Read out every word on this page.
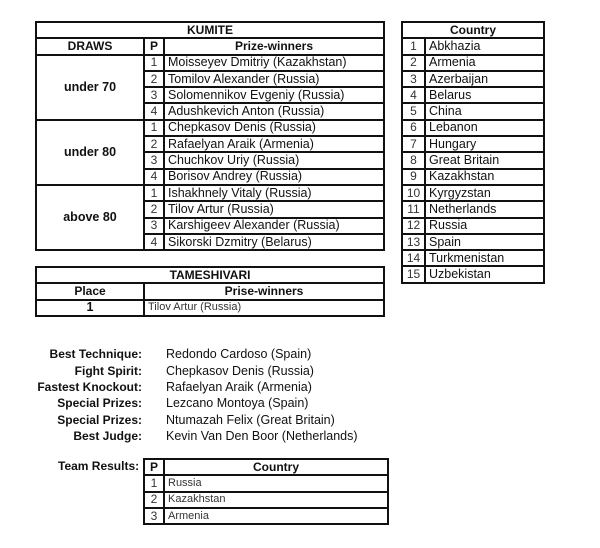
KUMITE		
DRAWS	P	Prize-winners
under 70	1	Moisseyev Dmitriy (Kazakhstan)
	2	Tomilov Alexander (Russia)
	3	Solomennikov Evgeniy (Russia)
	4	Adushkevich Anton (Russia)
under 80	1	Chepkasov Denis (Russia)
	2	Rafaelyan Araik (Armenia)
	3	Chuchkov Uriy (Russia)
	4	Borisov Andrey (Russia)
above 80	1	Ishakhnely Vitaly (Russia)
	2	Tilov Artur (Russia)
	3	Karshigeev Alexander (Russia)
	4	Sikorski Dzmitry (Belarus)
Country	
1	Abkhazia
2	Armenia
3	Azerbaijan
4	Belarus
5	China
6	Lebanon
7	Hungary
8	Great Britain
9	Kazakhstan
10	Kyrgyzstan
11	Netherlands
12	Russia
13	Spain
14	Turkmenistan
15	Uzbekistan
TAMESHIVARI	
Place	Prise-winners
1	Tilov Artur (Russia)
Best Technique: Redondo Cardoso (Spain)
Fight Spirit: Chepkasov Denis (Russia)
Fastest Knockout: Rafaelyan Araik (Armenia)
Special Prizes: Lezcano Montoya (Spain)
Special Prizes: Ntumazah Felix (Great Britain)
Best Judge: Kevin Van Den Boor (Netherlands)
Team Results: P	Country
1	Russia
2	Kazakhstan
3	Armenia
